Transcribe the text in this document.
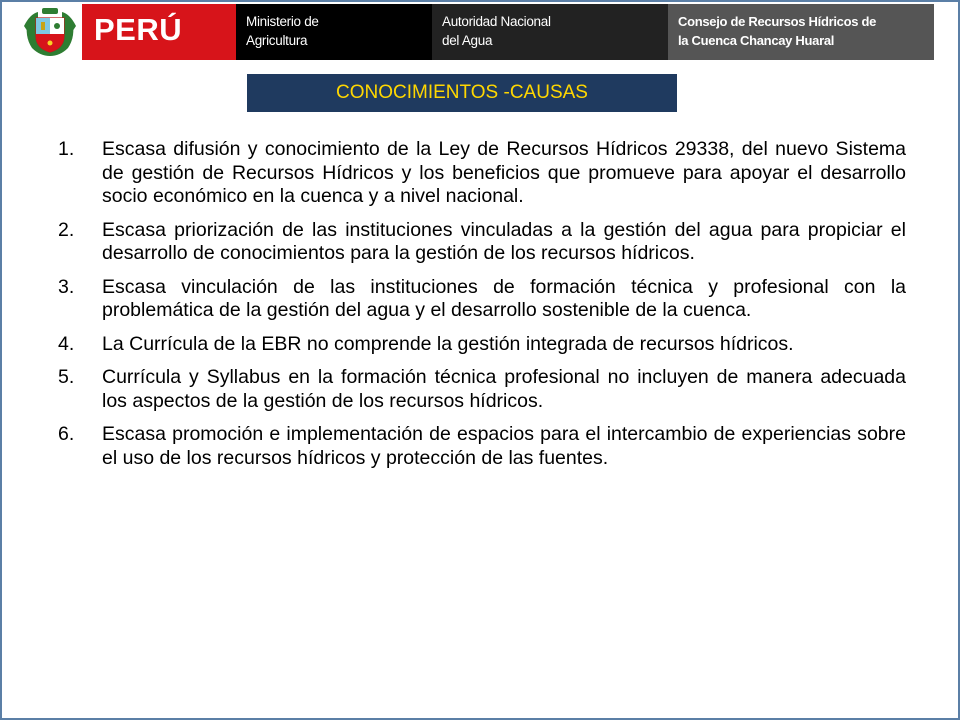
PERÚ	Ministerio de
Agricultura
Autoridad Nacional
del Agua
Consejo de Recursos Hídricos de
la Cuenca Chancay Huaral
CONOCIMIENTOS -CAUSAS
1. Escasa difusión y conocimiento de la Ley de Recursos Hídricos 29338, del nuevo Sistema de gestión de Recursos Hídricos y los beneficios que promueve para apoyar el desarrollo socio económico en la cuenca y a nivel nacional.
2. Escasa priorización de las instituciones vinculadas a la gestión del agua para propiciar el desarrollo de conocimientos para la gestión de los recursos hídricos.
3. Escasa vinculación de las instituciones de formación técnica y profesional con la problemática de la gestión del agua y el desarrollo sostenible de la cuenca.
4. La Currícula de la EBR no comprende la gestión integrada de recursos hídricos.
5. Currícula y Syllabus en la formación técnica profesional no incluyen de manera adecuada los aspectos de la gestión de los recursos hídricos.
6. Escasa promoción e implementación de espacios para el intercambio de experiencias sobre el uso de los recursos hídricos y protección de las fuentes.
